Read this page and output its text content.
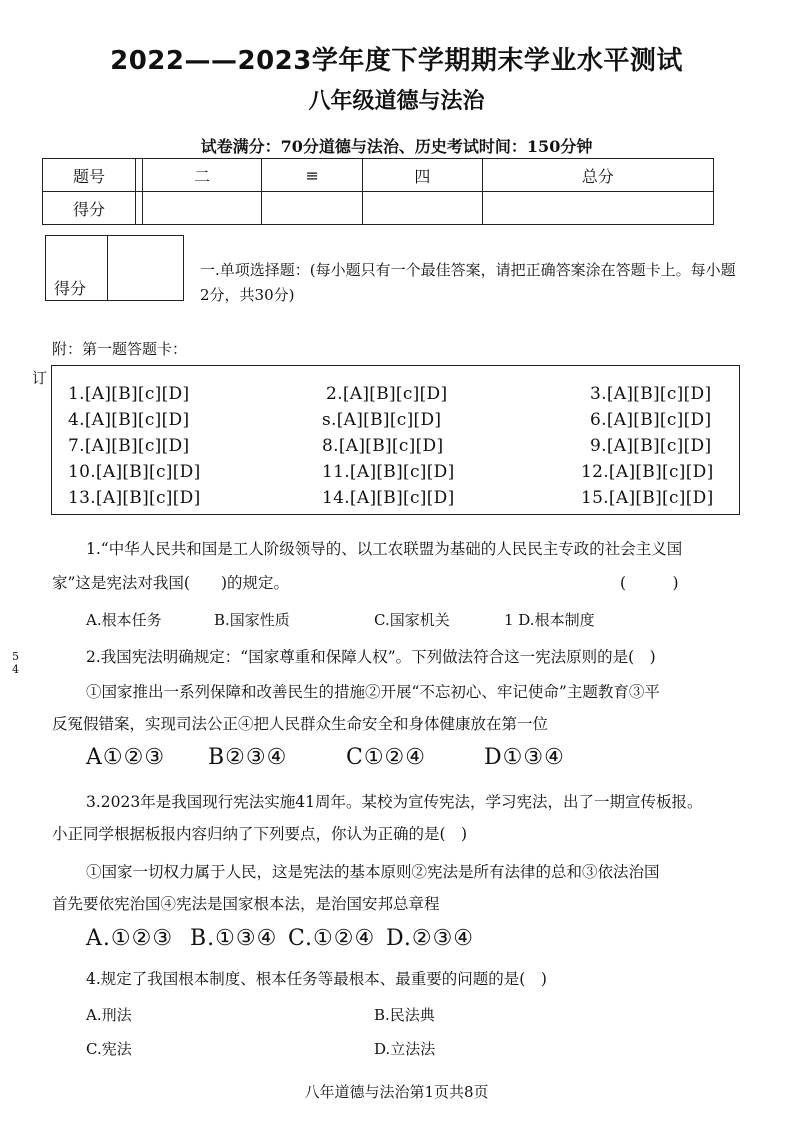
2022——2023学年度下学期期末学业水平测试
八年级道德与法治
试卷满分：70分道德与法治、历史考试时间：150分钟
题号		二	≡	四	总分
得分					
得分
一.单项选择题：(每小题只有一个最佳答案，请把正确答案涂在答题卡上。每小题2分，共30分)
附：第一题答题卡：
1.[A][B][c][D]	2.[A][B][c][D]	3.[A][B][c][D]
4.[A][B][c][D]	s.[A][B][c][D]	6.[A][B][c][D]
7.[A][B][c][D]	8.[A][B][c][D]	9.[A][B][c][D]
10.[A][B][c][D]	11.[A][B][c][D]	12.[A][B][c][D]
13.[A][B][c][D]	14.[A][B][c][D]	15.[A][B][c][D]
订
5 4
1.“中华人民共和国是工人阶级领导的、以工农联盟为基础的人民民主专政的社会主义国
家”这是宪法对我国(　　)的规定。	(　　　)
A.根本任务	B.国家性质	C.国家机关	1 D.根本制度
2.我国宪法明确规定：“国家尊重和保障人权”。下列做法符合这一宪法原则的是(　)
①国家推出一系列保障和改善民生的措施②开展“不忘初心、牢记使命”主题教育③平
反冤假错案，实现司法公正④把人民群众生命安全和身体健康放在第一位
A①②③ B②③④	C①②④	D①③④
3.2023年是我国现行宪法实施41周年。某校为宣传宪法，学习宪法，出了一期宣传板报。
小正同学根据板报内容归纳了下列要点，你认为正确的是(　)
①国家一切权力属于人民，这是宪法的基本原则②宪法是所有法律的总和③依法治国
首先要依宪治国④宪法是国家根本法，是治国安邦总章程
A.①②③ B.①③④ C.①②④ D.②③④
4.规定了我国根本制度、根本任务等最根本、最重要的问题的是(　)
A.刑法	B.民法典
C.宪法	D.立法法
八年道德与法治第1页共8页
